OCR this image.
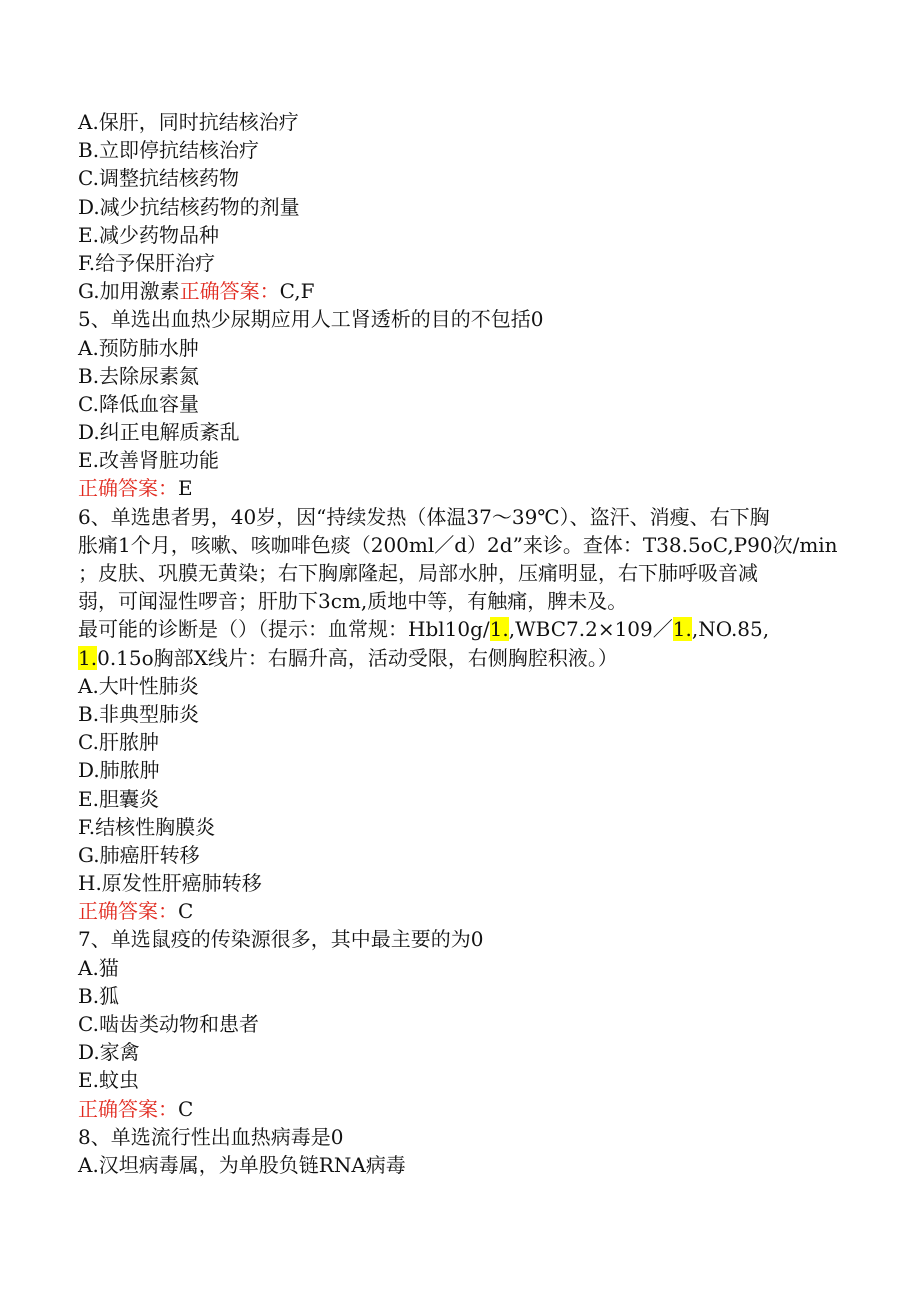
A.保肝，同时抗结核治疗
B.立即停抗结核治疗
C.调整抗结核药物
D.减少抗结核药物的剂量
E.减少药物品种
F.给予保肝治疗
G.加用激素正确答案：C,F
5、单选出血热少尿期应用人工肾透析的目的不包括0
A.预防肺水肿
B.去除尿素氮
C.降低血容量
D.纠正电解质紊乱
E.改善肾脏功能
正确答案：E
6、单选患者男，40岁，因“持续发热（体温37～39℃）、盗汗、消瘦、右下胸
胀痛1个月，咳嗽、咳咖啡色痰（200ml／d）2d”来诊。查体：T38.5oC,P90次/min
；皮肤、巩膜无黄染；右下胸廓隆起，局部水肿，压痛明显，右下肺呼吸音减
弱，可闻湿性啰音；肝肋下3cm,质地中等，有触痛，脾未及。
最可能的诊断是（）（提示：血常规：Hbl10g/1.,WBC7.2×109／1.,NO.85,
1.0.15o胸部X线片：右膈升高，活动受限，右侧胸腔积液。）
A.大叶性肺炎
B.非典型肺炎
C.肝脓肿
D.肺脓肿
E.胆囊炎
F.结核性胸膜炎
G.肺癌肝转移
H.原发性肝癌肺转移
正确答案：C
7、单选鼠疫的传染源很多，其中最主要的为0
A.猫
B.狐
C.啮齿类动物和患者
D.家禽
E.蚊虫
正确答案：C
8、单选流行性出血热病毒是0
A.汉坦病毒属，为单股负链RNA病毒
